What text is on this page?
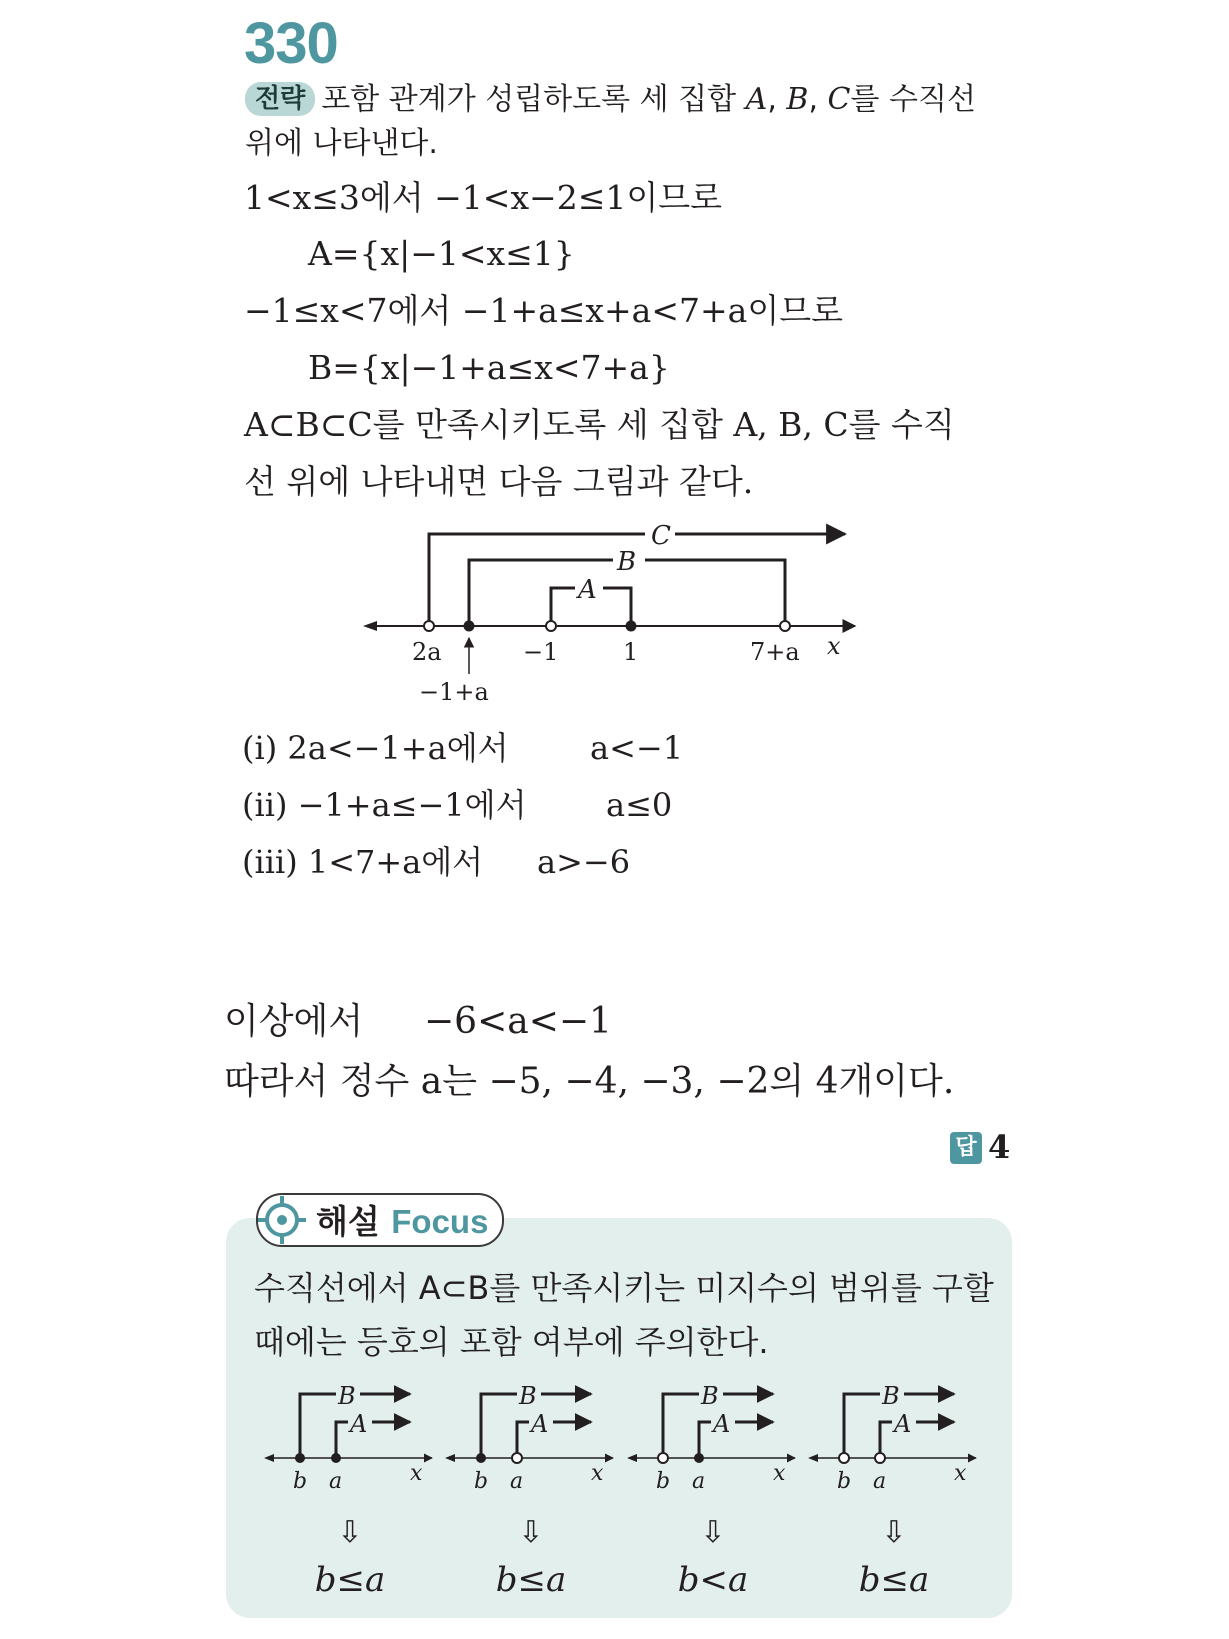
330
전략 포함 관계가 성립하도록 세 집합 A, B, C를 수직선 위에 나타낸다.
1<x≤3에서 −1<x−2≤1이므로
A={x|−1<x≤1}
−1≤x<7에서 −1+a≤x+a<7+a이므로
B={x|−1+a≤x<7+a}
A⊂B⊂C를 만족시키도록 세 집합 A, B, C를 수직
선 위에 나타내면 다음 그림과 같다.
C
B
A
2a	−1	1	7+a x
−1+a
(ⅰ) 2a<−1+a에서	a<−1
(ⅱ) −1+a≤−1에서 a≤0
(ⅲ) 1<7+a에서 a>−6
이상에서 −6<a<−1
따라서 정수 a는 −5, −4, −3, −2의 4개이다.
답 4
해설 Focus
수직선에서 A⊂B를 만족시키는 미지수의 범위를 구할 때에는 등호의 포함 여부에 주의한다.
B
A
b a	x
⇩
b≤a
B
A
b a	x
⇩
b≤a
B
A
b a	x
⇩
b<a
B
A
b a	x
⇩
b≤a
